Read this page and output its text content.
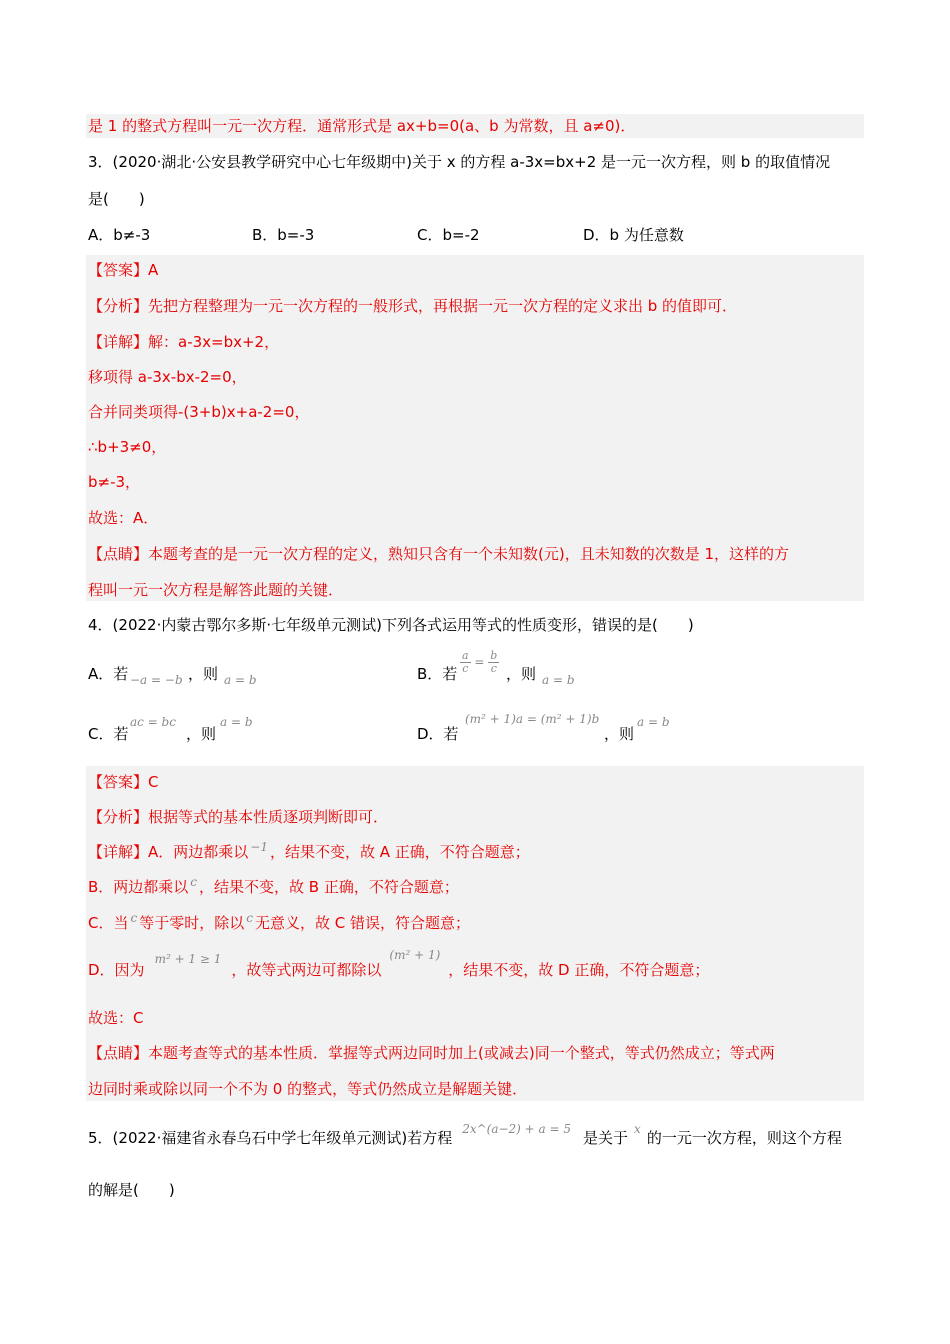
是 1 的整式方程叫一元一次方程．通常形式是 ax+b=0(a、b 为常数，且 a≠0)．
3．(2020·湖北·公安县教学研究中心七年级期中)关于 x 的方程 a-3x=bx+2 是一元一次方程，则 b 的取值情况
是(　　)
A．b≠-3	B．b=-3	C．b=-2	D．b 为任意数
【答案】A
【分析】先把方程整理为一元一次方程的一般形式，再根据一元一次方程的定义求出 b 的值即可．
【详解】解：a-3x=bx+2，
移项得 a-3x-bx-2=0，
合并同类项得-(3+b)x+a-2=0，
∴b+3≠0，
b≠-3，
故选：A．
【点睛】本题考查的是一元一次方程的定义，熟知只含有一个未知数(元)，且未知数的次数是 1，这样的方
程叫一元一次方程是解答此题的关键．
4．(2022·内蒙古鄂尔多斯·七年级单元测试)下列各式运用等式的性质变形，错误的是(　　)
A．若 −a = −b ，则 a = b	B．若 $\frac{a}{c} = \frac{b}{c}$ ，则 a = b
C．若
ac = bc
，则
a = b
D．若
(m² + 1)a = (m² + 1)b
，则
a = b
【答案】C
【分析】根据等式的基本性质逐项判断即可．
【详解】A．两边都乘以 $^{-1}$ ，结果不变，故 A 正确，不符合题意；
B．两边都乘以 $^c$ ，结果不变，故 B 正确，不符合题意；
C．当 $^c$ 等于零时，除以 $^c$ 无意义，故 C 错误，符合题意；
D．因为$^{m^2 + 1 \ge 1}$，故等式两边可都除以$^{(m^2 + 1)}$，结果不变，故 D 正确，不符合题意；
故选：C
【点睛】本题考查等式的基本性质．掌握等式两边同时加上(或减去)同一个整式，等式仍然成立；等式两
边同时乘或除以同一个不为 0 的整式，等式仍然成立是解题关键．
5．(2022·福建省永春乌石中学七年级单元测试)若方程 $^{2x\^{}(a-2) + a = 5}$ 是关于 $^x$ 的一元一次方程，则这个方程
的解是(　　)
